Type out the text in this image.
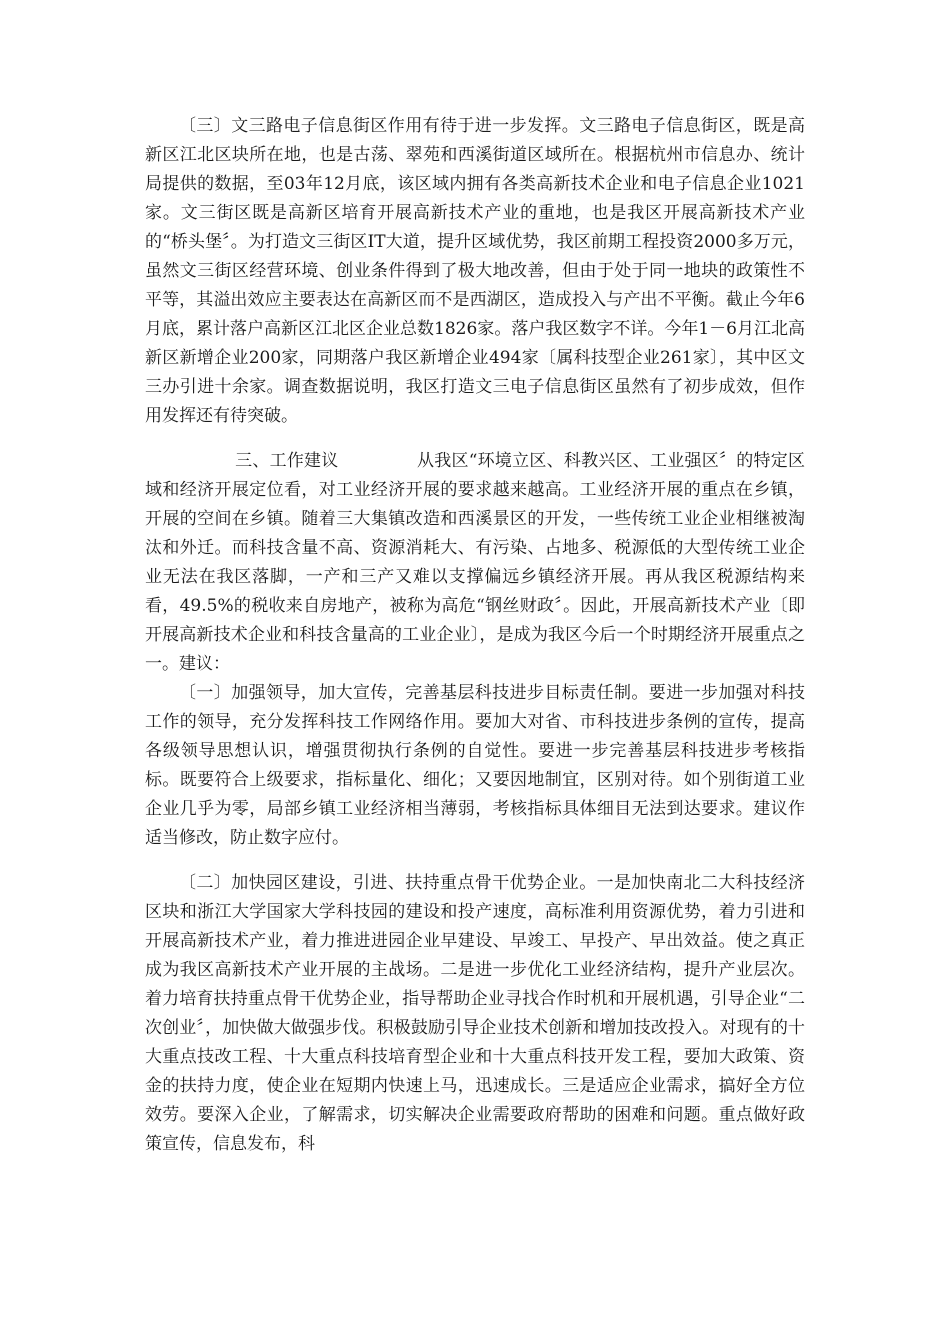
〔三〕文三路电子信息街区作用有待于进一步发挥。文三路电子信息街区，既是高新区江北区块所在地，也是古荡、翠苑和西溪街道区域所在。根据杭州市信息办、统计局提供的数据，至03年12月底，该区域内拥有各类高新技术企业和电子信息企业1021家。文三街区既是高新区培育开展高新技术产业的重地，也是我区开展高新技术产业的“桥头堡〞。为打造文三街区IT大道，提升区域优势，我区前期工程投资2000多万元，虽然文三街区经营环境、创业条件得到了极大地改善，但由于处于同一地块的政策性不平等，其溢出效应主要表达在高新区而不是西湖区，造成投入与产出不平衡。截止今年6月底，累计落户高新区江北区企业总数1826家。落户我区数字不详。今年1－6月江北高新区新增企业200家，同期落户我区新增企业494家〔属科技型企业261家〕，其中区文三办引进十余家。调查数据说明，我区打造文三电子信息街区虽然有了初步成效，但作用发挥还有待突破。

三、工作建议	从我区“环境立区、科教兴区、工业强区〞的特定区域和经济开展定位看，对工业经济开展的要求越来越高。工业经济开展的重点在乡镇，开展的空间在乡镇。随着三大集镇改造和西溪景区的开发，一些传统工业企业相继被淘汰和外迁。而科技含量不高、资源消耗大、有污染、占地多、税源低的大型传统工业企业无法在我区落脚，一产和三产又难以支撑偏远乡镇经济开展。再从我区税源结构来看，49.5%的税收来自房地产，被称为高危“钢丝财政〞。因此，开展高新技术产业〔即开展高新技术企业和科技含量高的工业企业〕，是成为我区今后一个时期经济开展重点之一。建议：

〔一〕加强领导，加大宣传，完善基层科技进步目标责任制。要进一步加强对科技工作的领导，充分发挥科技工作网络作用。要加大对省、市科技进步条例的宣传，提高各级领导思想认识，增强贯彻执行条例的自觉性。要进一步完善基层科技进步考核指标。既要符合上级要求，指标量化、细化；又要因地制宜，区别对待。如个别街道工业企业几乎为零，局部乡镇工业经济相当薄弱，考核指标具体细目无法到达要求。建议作适当修改，防止数字应付。

〔二〕加快园区建设，引进、扶持重点骨干优势企业。一是加快南北二大科技经济区块和浙江大学国家大学科技园的建设和投产速度，高标准利用资源优势，着力引进和开展高新技术产业，着力推进进园企业早建设、早竣工、早投产、早出效益。使之真正成为我区高新技术产业开展的主战场。二是进一步优化工业经济结构，提升产业层次。着力培育扶持重点骨干优势企业，指导帮助企业寻找合作时机和开展机遇，引导企业“二次创业〞，加快做大做强步伐。积极鼓励引导企业技术创新和增加技改投入。对现有的十大重点技改工程、十大重点科技培育型企业和十大重点科技开发工程，要加大政策、资金的扶持力度，使企业在短期内快速上马，迅速成长。三是适应企业需求，搞好全方位效劳。要深入企业，了解需求，切实解决企业需要政府帮助的困难和问题。重点做好政策宣传，信息发布，科
